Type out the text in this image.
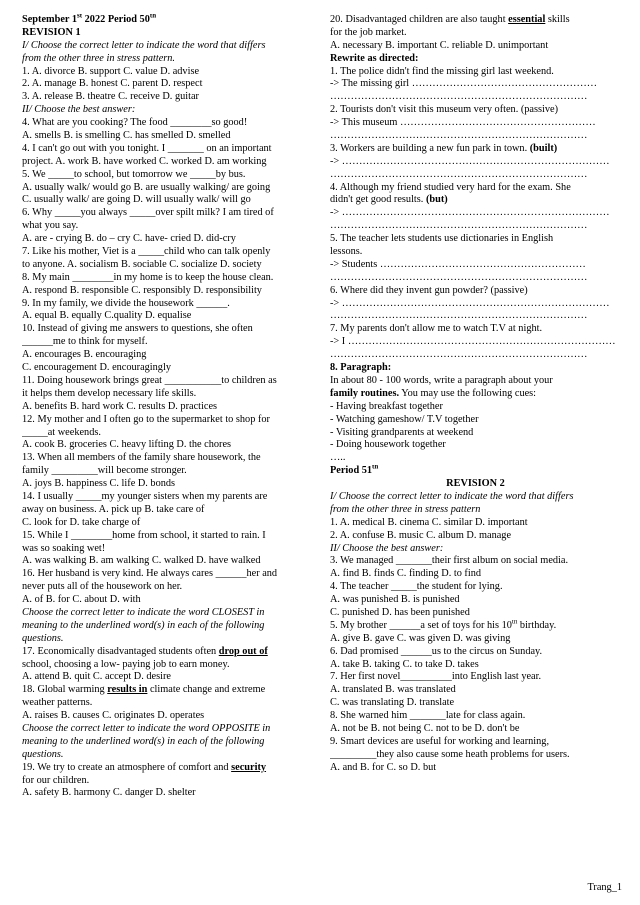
September 1st 2022 Period 50th
REVISION 1
I/ Choose the correct letter to indicate the word that differs
from the other three in stress pattern.
1. A. divorce B. support C. value D. advise
2. A. manage B. honest C. parent D. respect
3. A. release B. theatre C. receive D. guitar
II/ Choose the best answer:
4. What are you cooking? The food ________so good!
A. smells B. is smelling C. has smelled D. smelled
4. I can't go out with you tonight. I _______ on an important
project. A. work B. have worked C. worked D. am working
5. We _____to school, but tomorrow we _____by bus.
A. usually walk/ would go B. are usually walking/ are going
C. usually walk/ are going D. will usually walk/ will go
6. Why _____you always _____over spilt milk? I am tired of
what you say.
A. are - crying B. do – cry C. have- cried D. did-cry
7. Like his mother, Viet is a _____child who can talk openly
to anyone. A. socialism B. sociable C. socialize D. society
8. My main ________in my home is to keep the house clean.
A. respond B. responsible C. responsibly D. responsibility
9. In my family, we divide the housework ______.
A. equal B. equally C.quality D. equalise
10. Instead of giving me answers to questions, she often
______me to think for myself.
A. encourages B. encouraging
C. encouragement D. encouragingly
11. Doing housework brings great ___________to children as
it helps them develop necessary life skills.
A. benefits B. hard work C. results D. practices
12. My mother and I often go to the supermarket to shop for
_____at weekends.
A. cook B. groceries C. heavy lifting D. the chores
13. When all members of the family share housework, the
family _________will become stronger.
A. joys B. happiness C. life D. bonds
14. I usually _____my younger sisters when my parents are
away on business. A. pick up B. take care of
C. look for D. take charge of
15. While I ________home from school, it started to rain. I
was so soaking wet!
A. was walking B. am walking C. walked D. have walked
16. Her husband is very kind. He always cares ______her and
never puts all of the housework on her.
A. of B. for C. about D. with
Choose the correct letter to indicate the word CLOSEST in
meaning to the underlined word(s) in each of the following
questions.
17. Economically disadvantaged students often drop out of
school, choosing a low- paying job to earn money.
A. attend B. quit C. accept D. desire
18. Global warming results in climate change and extreme
weather patterns.
A. raises B. causes C. originates D. operates
Choose the correct letter to indicate the word OPPOSITE in
meaning to the underlined word(s) in each of the following
questions.
19. We try to create an atmosphere of comfort and security
for our children.
A. safety B. harmony C. danger D. shelter
20. Disadvantaged children are also taught essential skills
for the job market.
A. necessary B. important C. reliable D. unimportant
Rewrite as directed:
1. The police didn't find the missing girl last weekend.
-> The missing girl ………………………………………………
…………………………………………………………………
2. Tourists don't visit this museum very often. (passive)
-> This museum …………………………………………………
…………………………………………………………………
3. Workers are building a new fun park in town. (built)
-> ……………………………………………………………………
…………………………………………………………………
4. Although my friend studied very hard for the exam. She
didn't get good results. (but)
-> ……………………………………………………………………
…………………………………………………………………
5. The teacher lets students use dictionaries in English
lessons.
-> Students ……………………………………………………
…………………………………………………………………
6. Where did they invent gun powder? (passive)
-> ……………………………………………………………………
…………………………………………………………………
7. My parents don't allow me to watch T.V at night.
-> I ……………………………………………………………………
…………………………………………………………………
8. Paragraph:
In about 80 - 100 words, write a paragraph about your
family routines. You may use the following cues:
- Having breakfast together
- Watching gameshow/ T.V together
- Visiting grandparents at weekend
- Doing housework together
…..
Period 51th
REVISION 2
I/ Choose the correct letter to indicate the word that differs
from the other three in stress pattern
1. A. medical B. cinema C. similar D. important
2. A. confuse B. music C. album D. manage
II/ Choose the best answer:
3. We managed _______their first album on social media.
A. find B. finds C. finding D. to find
4. The teacher _____the student for lying.
A. was punished B. is punished
C. punished D. has been punished
5. My brother ______a set of toys for his 10th birthday.
A. give B. gave C. was given D. was giving
6. Dad promised ______us to the circus on Sunday.
A. take B. taking C. to take D. takes
7. Her first novel__________into English last year.
A. translated B. was translated
C. was translating D. translate
8. She warned him _______late for class again.
A. not be B. not being C. not to be D. don't be
9. Smart devices are useful for working and learning,
_________they also cause some heath problems for users.
A. and B. for C. so D. but
Trang_1
